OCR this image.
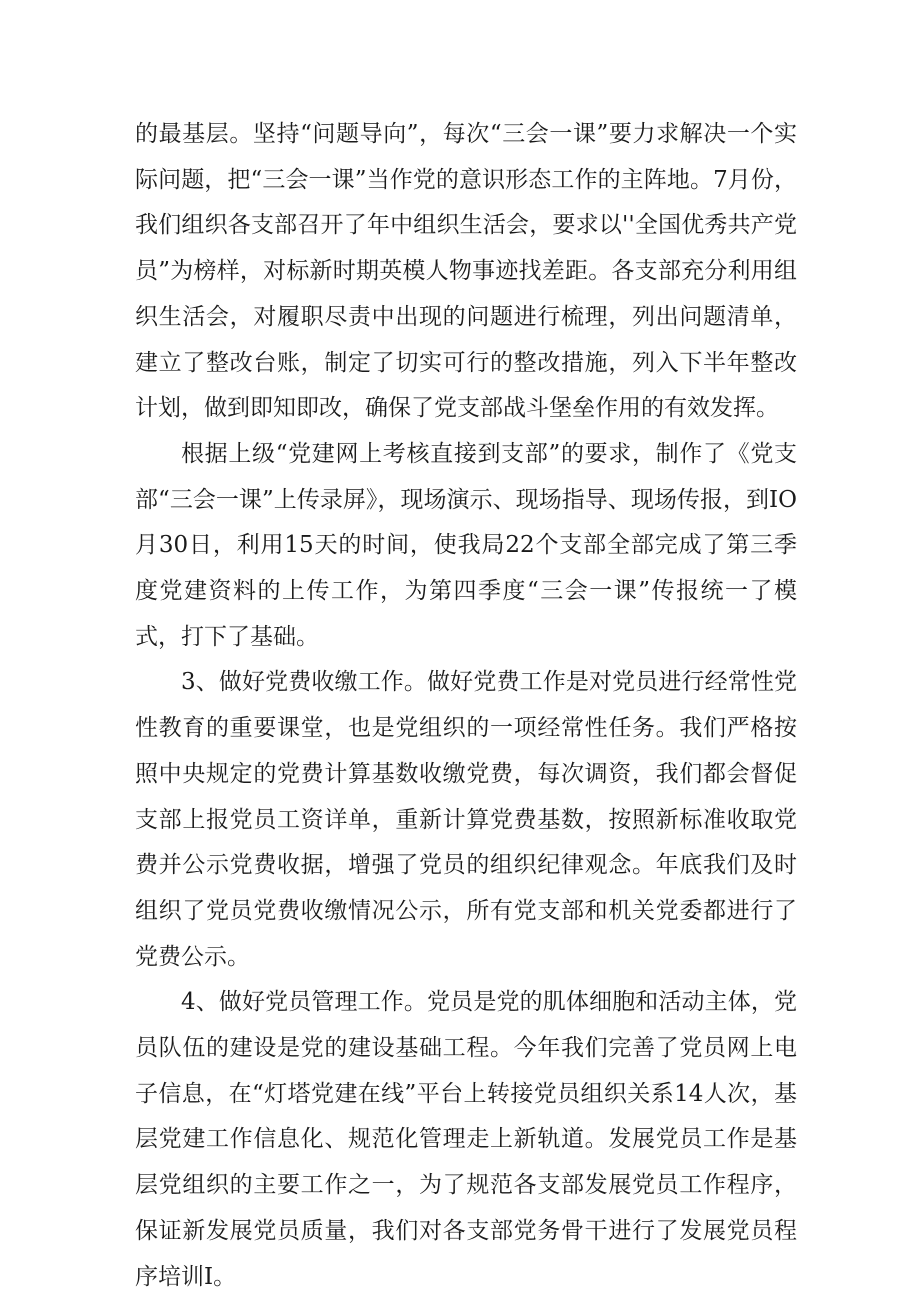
的最基层。坚持“问题导向”，每次“三会一课”要力求解决一个实际问题，把“三会一课”当作党的意识形态工作的主阵地。7月份，我们组织各支部召开了年中组织生活会，要求以''全国优秀共产党员”为榜样，对标新时期英模人物事迹找差距。各支部充分利用组织生活会，对履职尽责中出现的问题进行梳理，列出问题清单，建立了整改台账，制定了切实可行的整改措施，列入下半年整改计划，做到即知即改，确保了党支部战斗堡垒作用的有效发挥。

根据上级“党建网上考核直接到支部”的要求，制作了《党支部“三会一课”上传录屏》，现场演示、现场指导、现场传报，到IO月30日，利用15天的时间，使我局22个支部全部完成了第三季度党建资料的上传工作，为第四季度“三会一课”传报统一了模式，打下了基础。

3、做好党费收缴工作。做好党费工作是对党员进行经常性党性教育的重要课堂，也是党组织的一项经常性任务。我们严格按照中央规定的党费计算基数收缴党费，每次调资，我们都会督促支部上报党员工资详单，重新计算党费基数，按照新标准收取党费并公示党费收据，增强了党员的组织纪律观念。年底我们及时组织了党员党费收缴情况公示，所有党支部和机关党委都进行了党费公示。

4、做好党员管理工作。党员是党的肌体细胞和活动主体，党员队伍的建设是党的建设基础工程。今年我们完善了党员网上电子信息，在“灯塔党建在线”平台上转接党员组织关系14人次，基层党建工作信息化、规范化管理走上新轨道。发展党员工作是基层党组织的主要工作之一，为了规范各支部发展党员工作程序，保证新发展党员质量，我们对各支部党务骨干进行了发展党员程序培训I。
